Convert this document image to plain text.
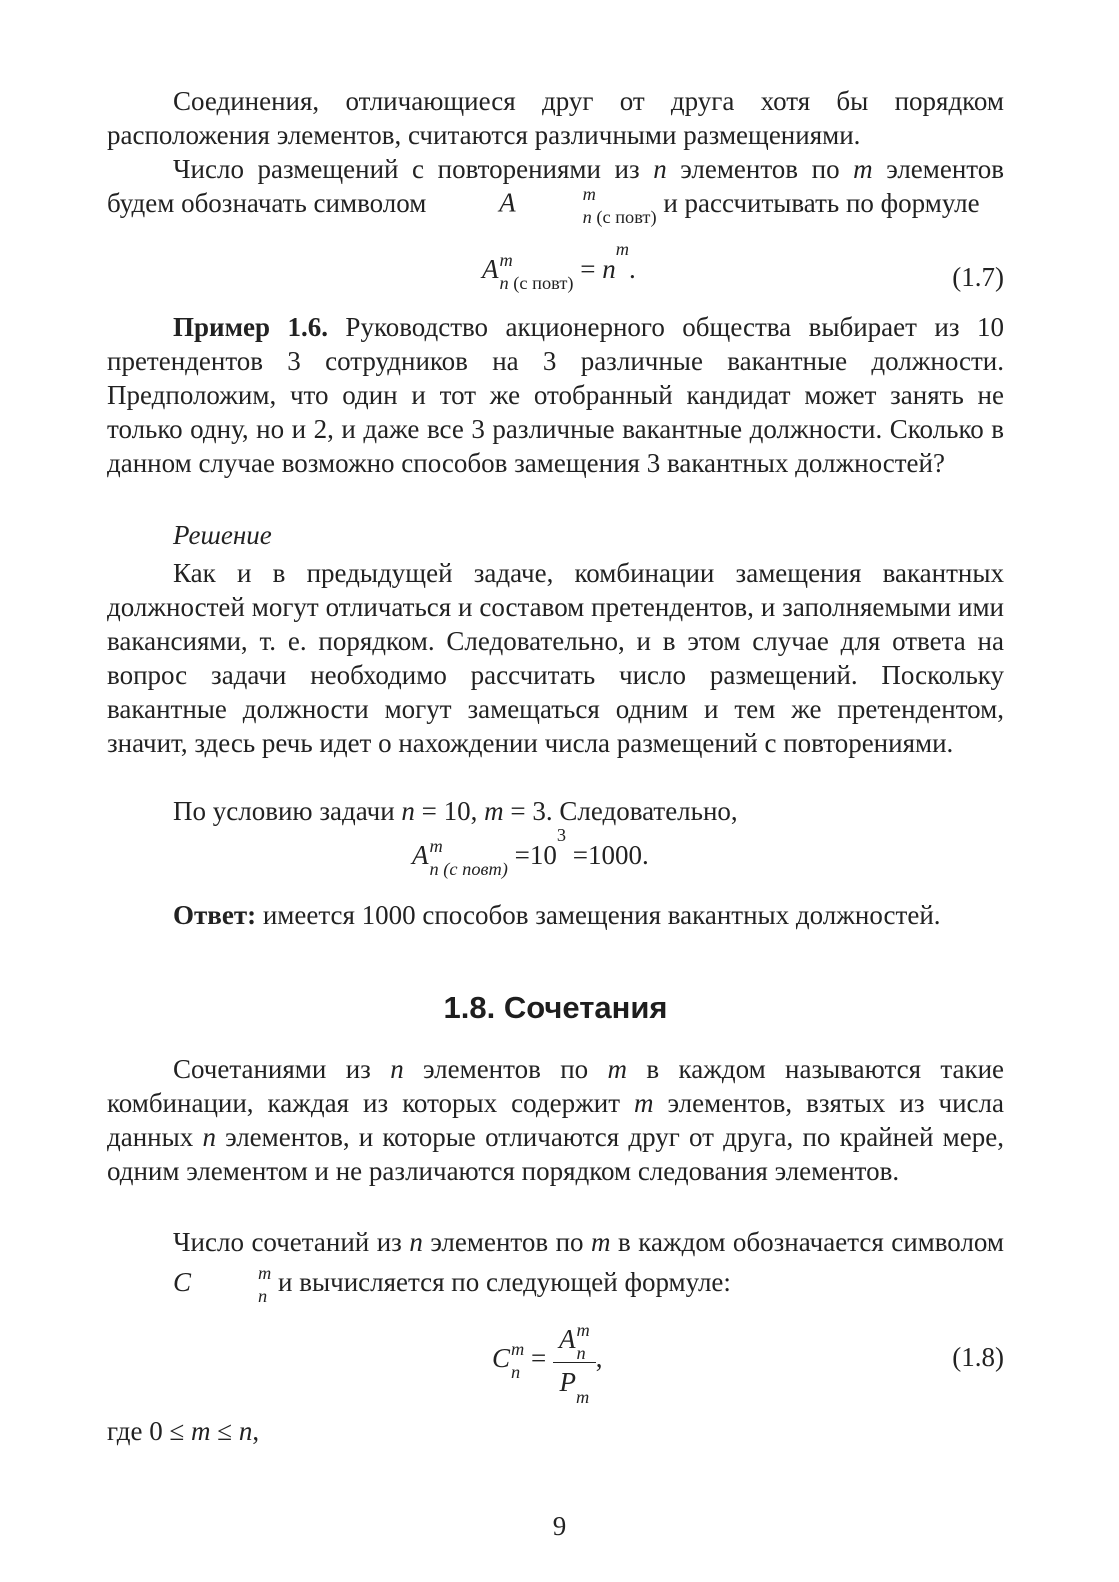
Соединения, отличающиеся друг от друга хотя бы порядком расположения элементов, считаются различными размещениями.

Число размещений с повторениями из n элементов по m элементов будем обозначать символом A	m
n (с повт) и рассчитывать по формуле

A m
n (с повт) = $n^m$.	(1.7)

Пример 1.6. Руководство акционерного общества выбирает из 10 претендентов 3 сотрудников на 3 различные вакантные должности. Предположим, что один и тот же отобранный кандидат может занять не только одну, но и 2, и даже все 3 различные вакантные должности. Сколько в данном случае возможно способов замещения 3 вакантных должностей?

Решение

Как и в предыдущей задаче, комбинации замещения вакантных должностей могут отличаться и составом претендентов, и заполняемыми ими вакансиями, т. е. порядком. Следовательно, и в этом случае для ответа на вопрос задачи необходимо рассчитать число размещений. Поскольку вакантные должности могут замещаться одним и тем же претендентом, значит, здесь речь идет о нахождении числа размещений с повторениями.

По условию задачи n = 10, m = 3. Следовательно,

A m
n (с повт) $=10^3 =1000$.

Ответ: имеется 1000 способов замещения вакантных должностей.

1.8. Сочетания

Сочетаниями из n элементов по m в каждом называются такие комбинации, каждая из которых содержит m элементов, взятых из числа данных n элементов, и которые отличаются друг от друга, по крайней мере, одним элементом и не различаются порядком следования элементов.

Число сочетаний из n элементов по m в каждом обозначается символом C	m
n и вычисляется по следующей формуле:

C m
n = A m
n
$P_m$ ,	(1.8)

где 0 ≤ m ≤ n,

9
